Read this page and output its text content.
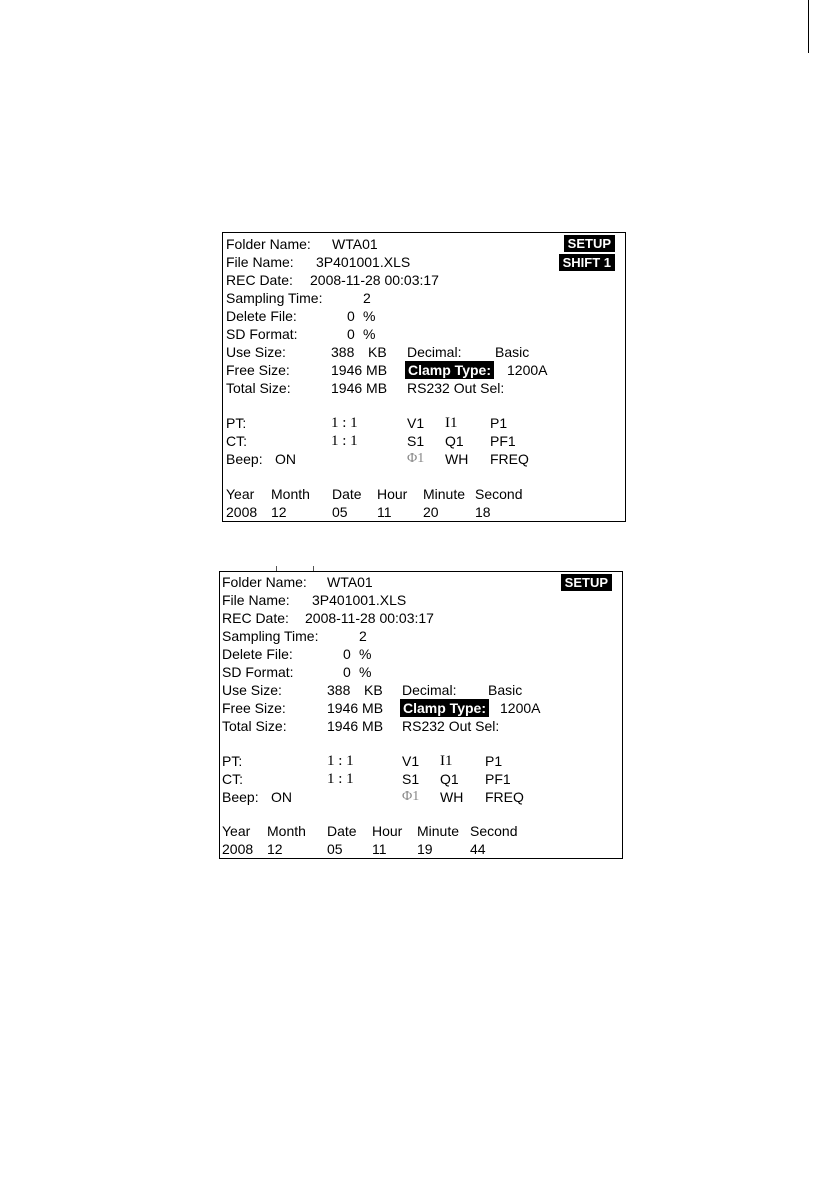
SETUP
SHIFT 1
Folder Name: WTA01
File Name: 3P401001.XLS
REC Date: 2008-11-28 00:03:17
Sampling Time:	2
Delete File:	0 %
SD Format:	0 %
Use Size:	388 KB Decimal: Basic
Free Size:	1946 MB Clamp Type: 1200A
Total Size:	1946 MB RS232 Out Sel:
PT:	1 : 1	V1 I1 P1
CT:	1 : 1	S1 Q1 PF1
Beep: ON	Φ1 WH FREQ
Year Month Date Hour Minute Second
2008 12	05 11 20	18
SETUP
Folder Name: WTA01
File Name: 3P401001.XLS
REC Date: 2008-11-28 00:03:17
Sampling Time:	2
Delete File:	0 %
SD Format:	0 %
Use Size:	388 KB Decimal: Basic
Free Size:	1946 MB Clamp Type: 1200A
Total Size:	1946 MB RS232 Out Sel:
PT:	1 : 1	V1 I1 P1
CT:	1 : 1	S1 Q1 PF1
Beep: ON	Φ1 WH FREQ
Year Month Date Hour Minute Second
2008 12	05 11 19	44
